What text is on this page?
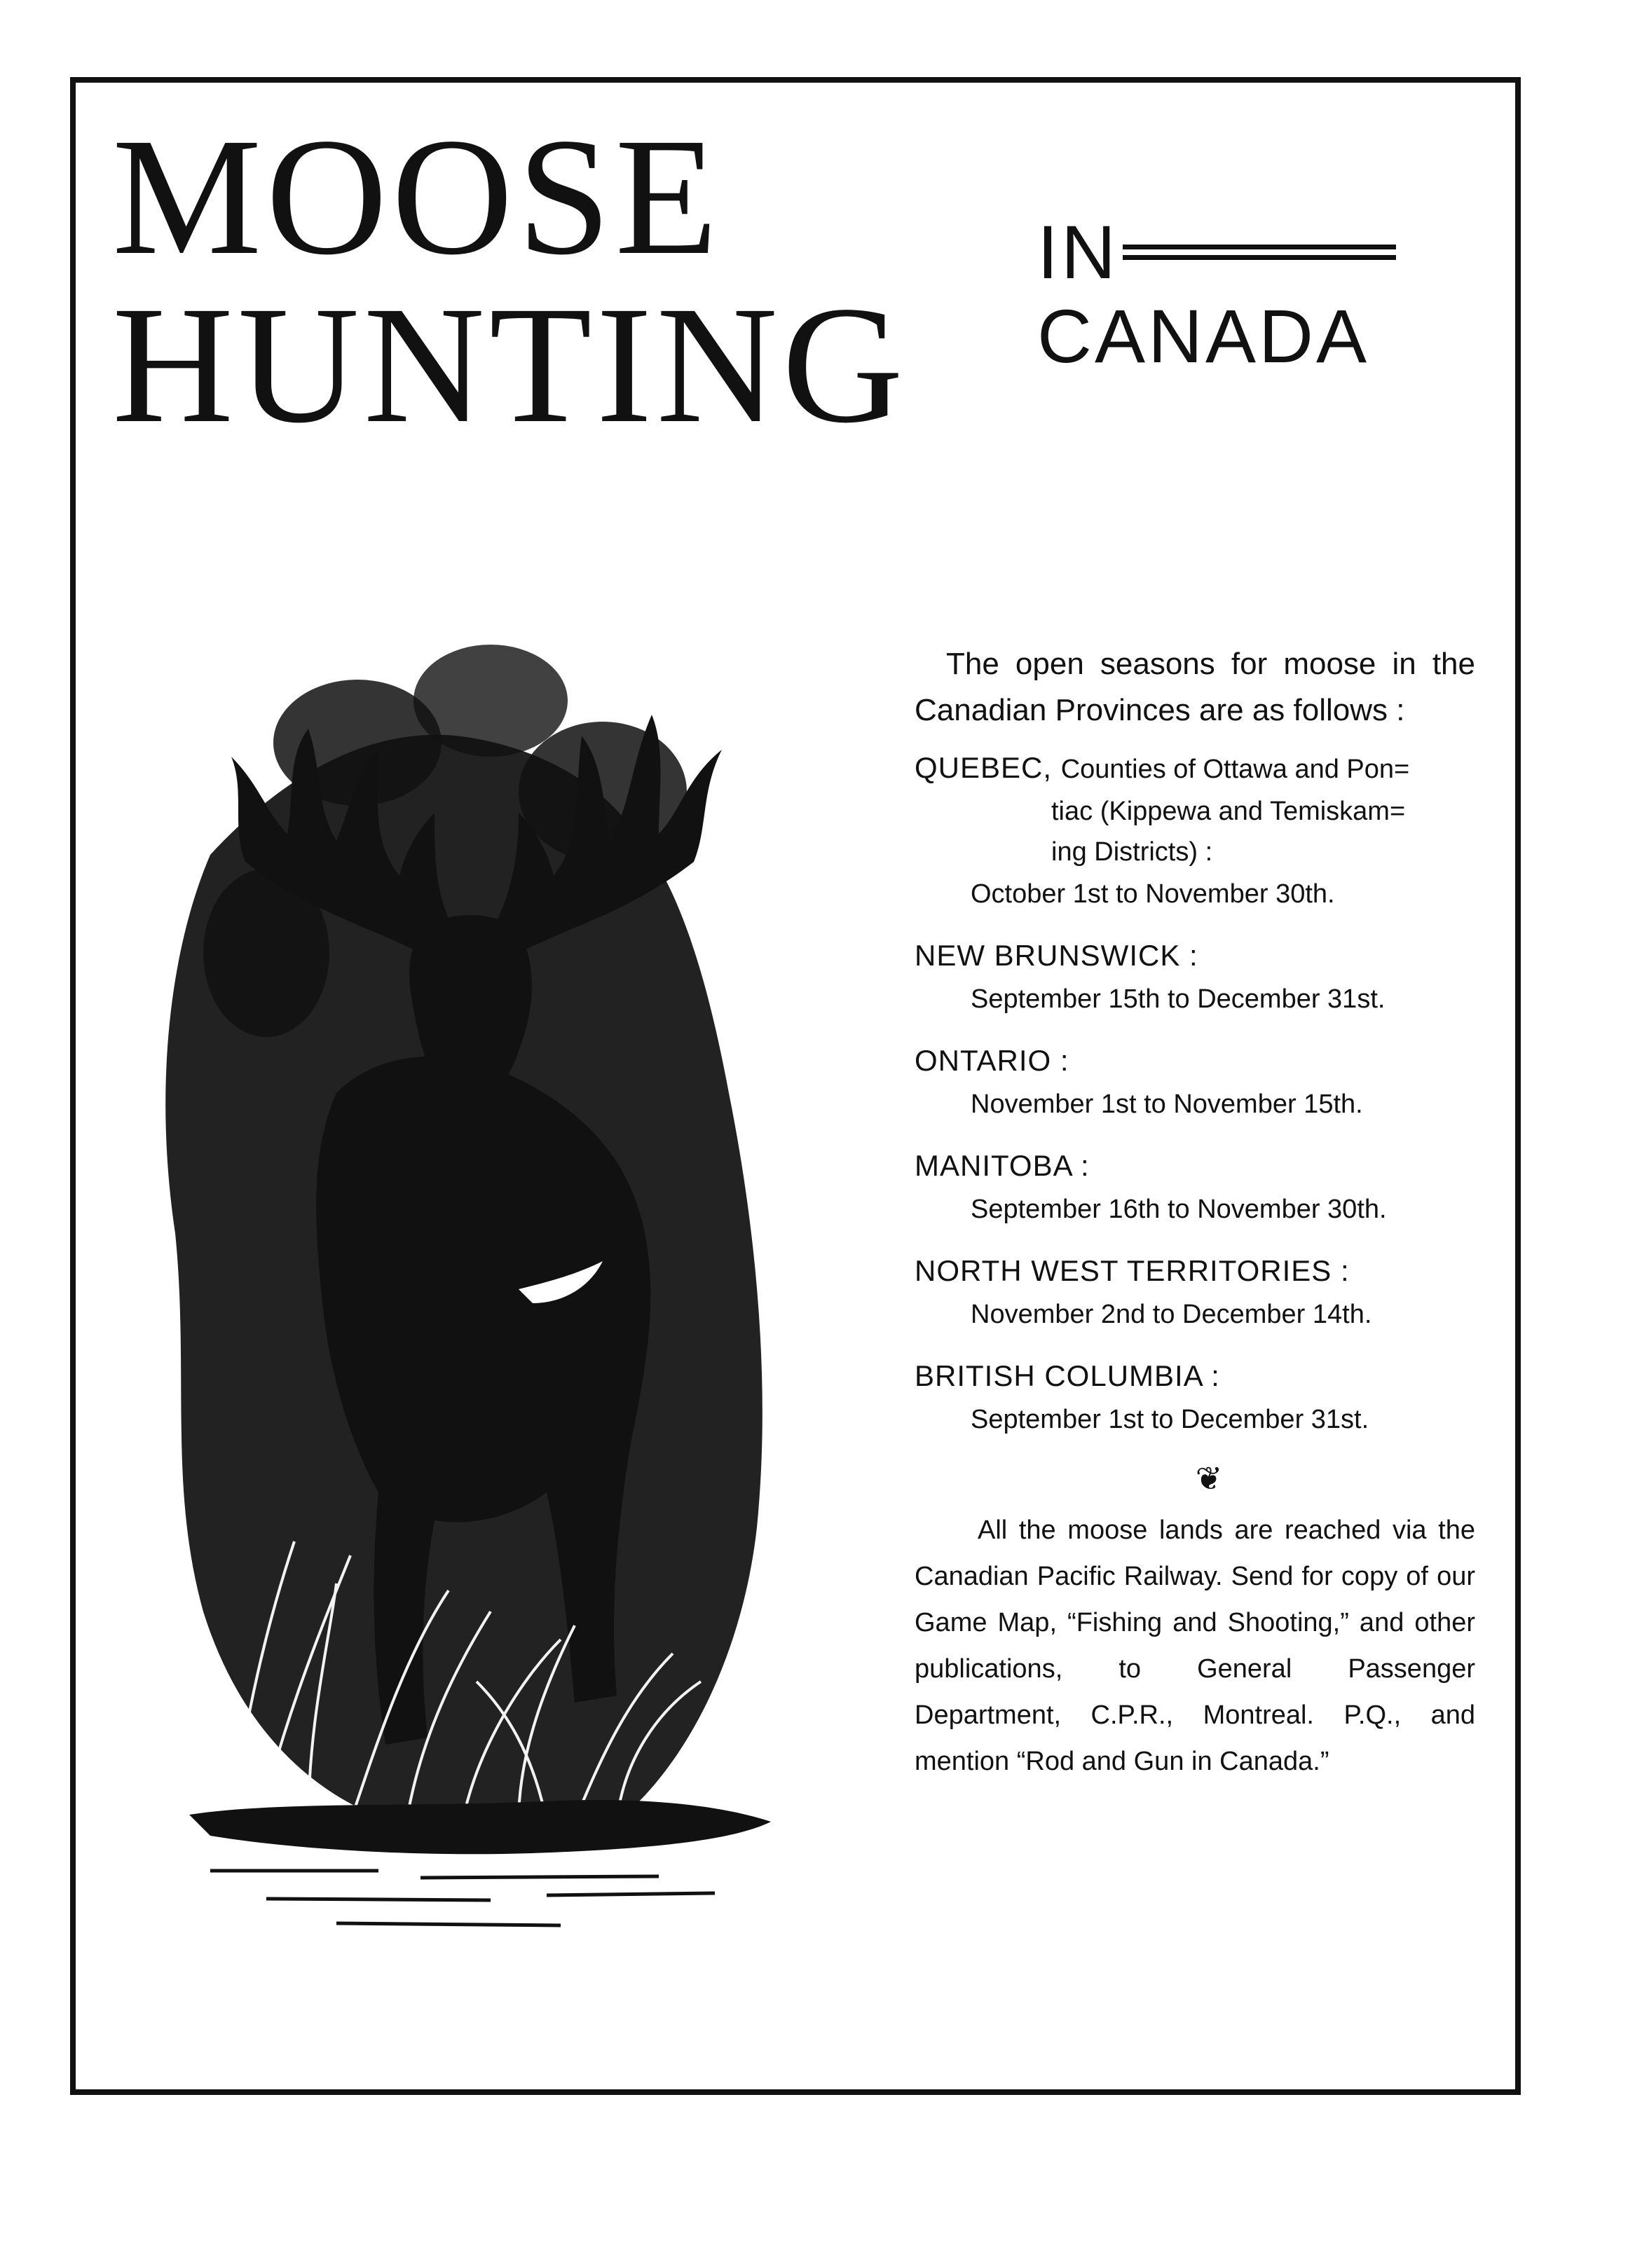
MOOSE
HUNTING
IN
CANADA

The open seasons for moose in the Canadian Provinces are as follows :

QUEBEC, Counties of Ottawa and Pon=
tiac (Kippewa and Temiskam=
ing Districts) :
October 1st to November 30th.
NEW BRUNSWICK :
September 15th to December 31st.
ONTARIO :
November 1st to November 15th.
MANITOBA :
September 16th to November 30th.
NORTH WEST TERRITORIES :
November 2nd to December 14th.
BRITISH COLUMBIA :
September 1st to December 31st.
❦

All the moose lands are reached via the Canadian Pacific Railway. Send for copy of our Game Map, “Fishing and Shooting,” and other publications, to General Passenger Department, C.P.R., Montreal. P.Q., and mention “Rod and Gun in Canada.”
